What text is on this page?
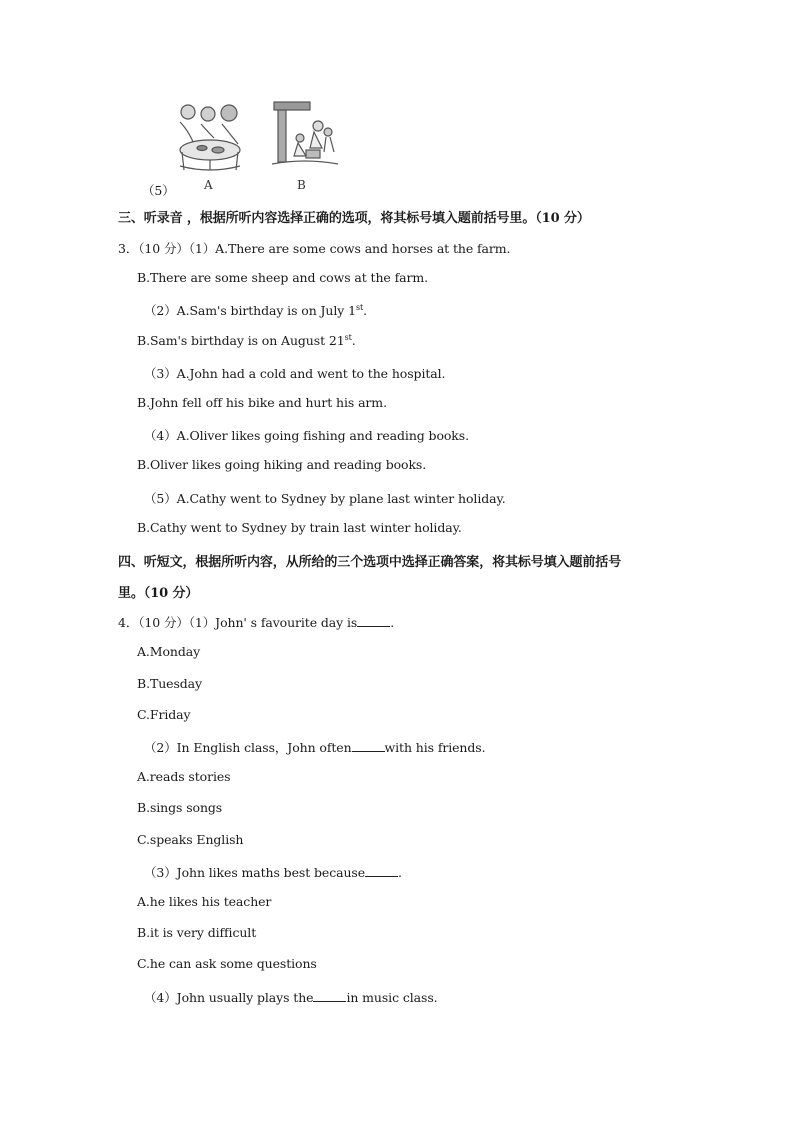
（5） A	B
三、听录音 ，根据所听内容选择正确的选项，将其标号填入题前括号里。（10 分）
3．（10 分）（1）A.There are some cows and horses at the farm.
B.There are some sheep and cows at the farm.
（2）A.Sam's birthday is on July 1st.
B.Sam's birthday is on August 21st.
（3）A.John had a cold and went to the hospital.
B.John fell off his bike and hurt his arm.
（4）A.Oliver likes going fishing and reading books.
B.Oliver likes going hiking and reading books.
（5）A.Cathy went to Sydney by plane last winter holiday.
B.Cathy went to Sydney by train last winter holiday.
四、听短文，根据所听内容，从所给的三个选项中选择正确答案，将其标号填入题前括号
里。（10 分）
4．（10 分）（1）John' s favourite day is	.
A.Monday
B.Tuesday
C.Friday
（2）In English class，John often	with his friends.
A.reads stories
B.sings songs
C.speaks English
（3）John likes maths best because	.
A.he likes his teacher
B.it is very difficult
C.he can ask some questions
（4）John usually plays the	in music class.
